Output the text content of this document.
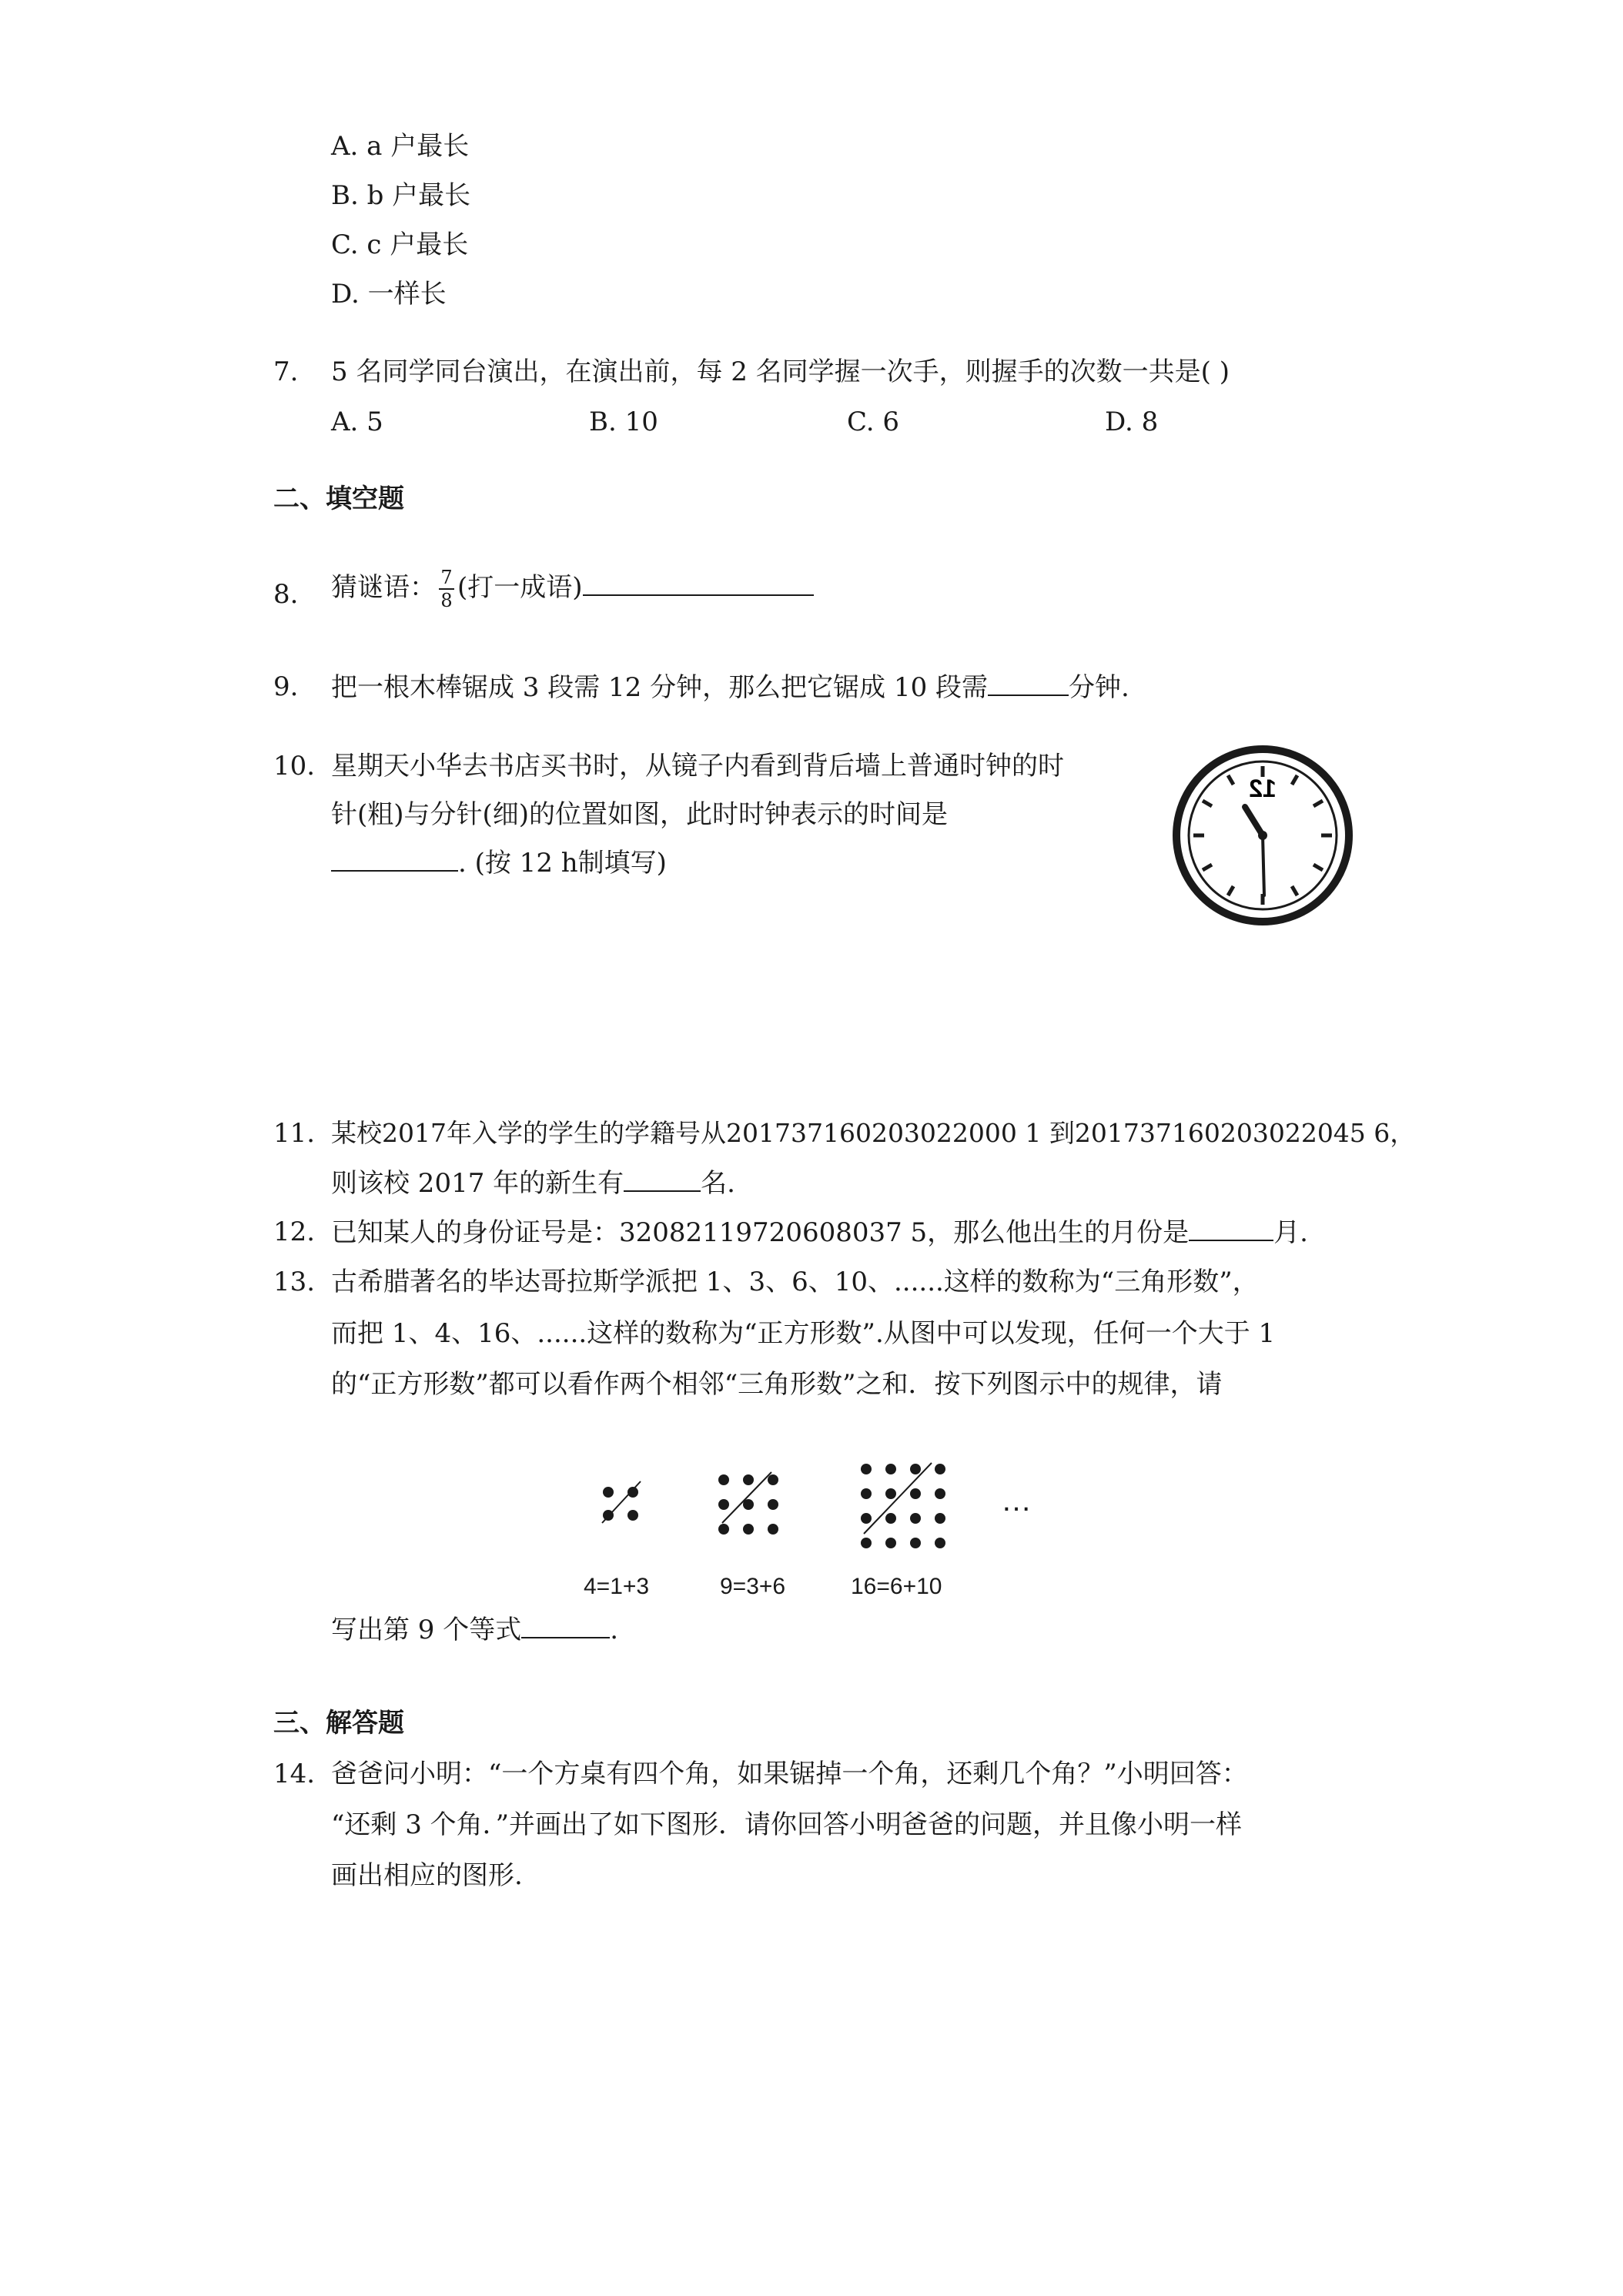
A. a 户最长
B. b 户最长
C. c 户最长
D. 一样长
7. 5 名同学同台演出，在演出前，每 2 名同学握一次手，则握手的次数一共是( )
A. 5	B. 10	C. 6	D. 8
二、填空题
8. 猜谜语： $\frac{7}{8}$ (打一成语)
9. 把一根木棒锯成 3 段需 12 分钟，那么把它锯成 10 段需	分钟.
10. 星期天小华去书店买书时，从镜子内看到背后墙上普通时钟的时
针(粗)与分针(细)的位置如图，此时时钟表示的时间是
. (按 12 h制填写)
12
11. 某校2017年入学的学生的学籍号从201737160203022000 1 到201737160203022045 6，
则该校 2017 年的新生有	名.
12. 已知某人的身份证号是：32082119720608037 5，那么他出生的月份是	月.
13. 古希腊著名的毕达哥拉斯学派把 1、3、6、10、......这样的数称为“三角形数”，
而把 1、4、16、......这样的数称为“正方形数”.从图中可以发现，任何一个大于 1
的“正方形数”都可以看作两个相邻“三角形数”之和．按下列图示中的规律，请
…
4=1+3	9=3+6	16=6+10
写出第 9 个等式	.
三、解答题
14. 爸爸问小明：“一个方桌有四个角，如果锯掉一个角，还剩几个角？”小明回答：
“还剩 3 个角．”并画出了如下图形．请你回答小明爸爸的问题，并且像小明一样
画出相应的图形.
